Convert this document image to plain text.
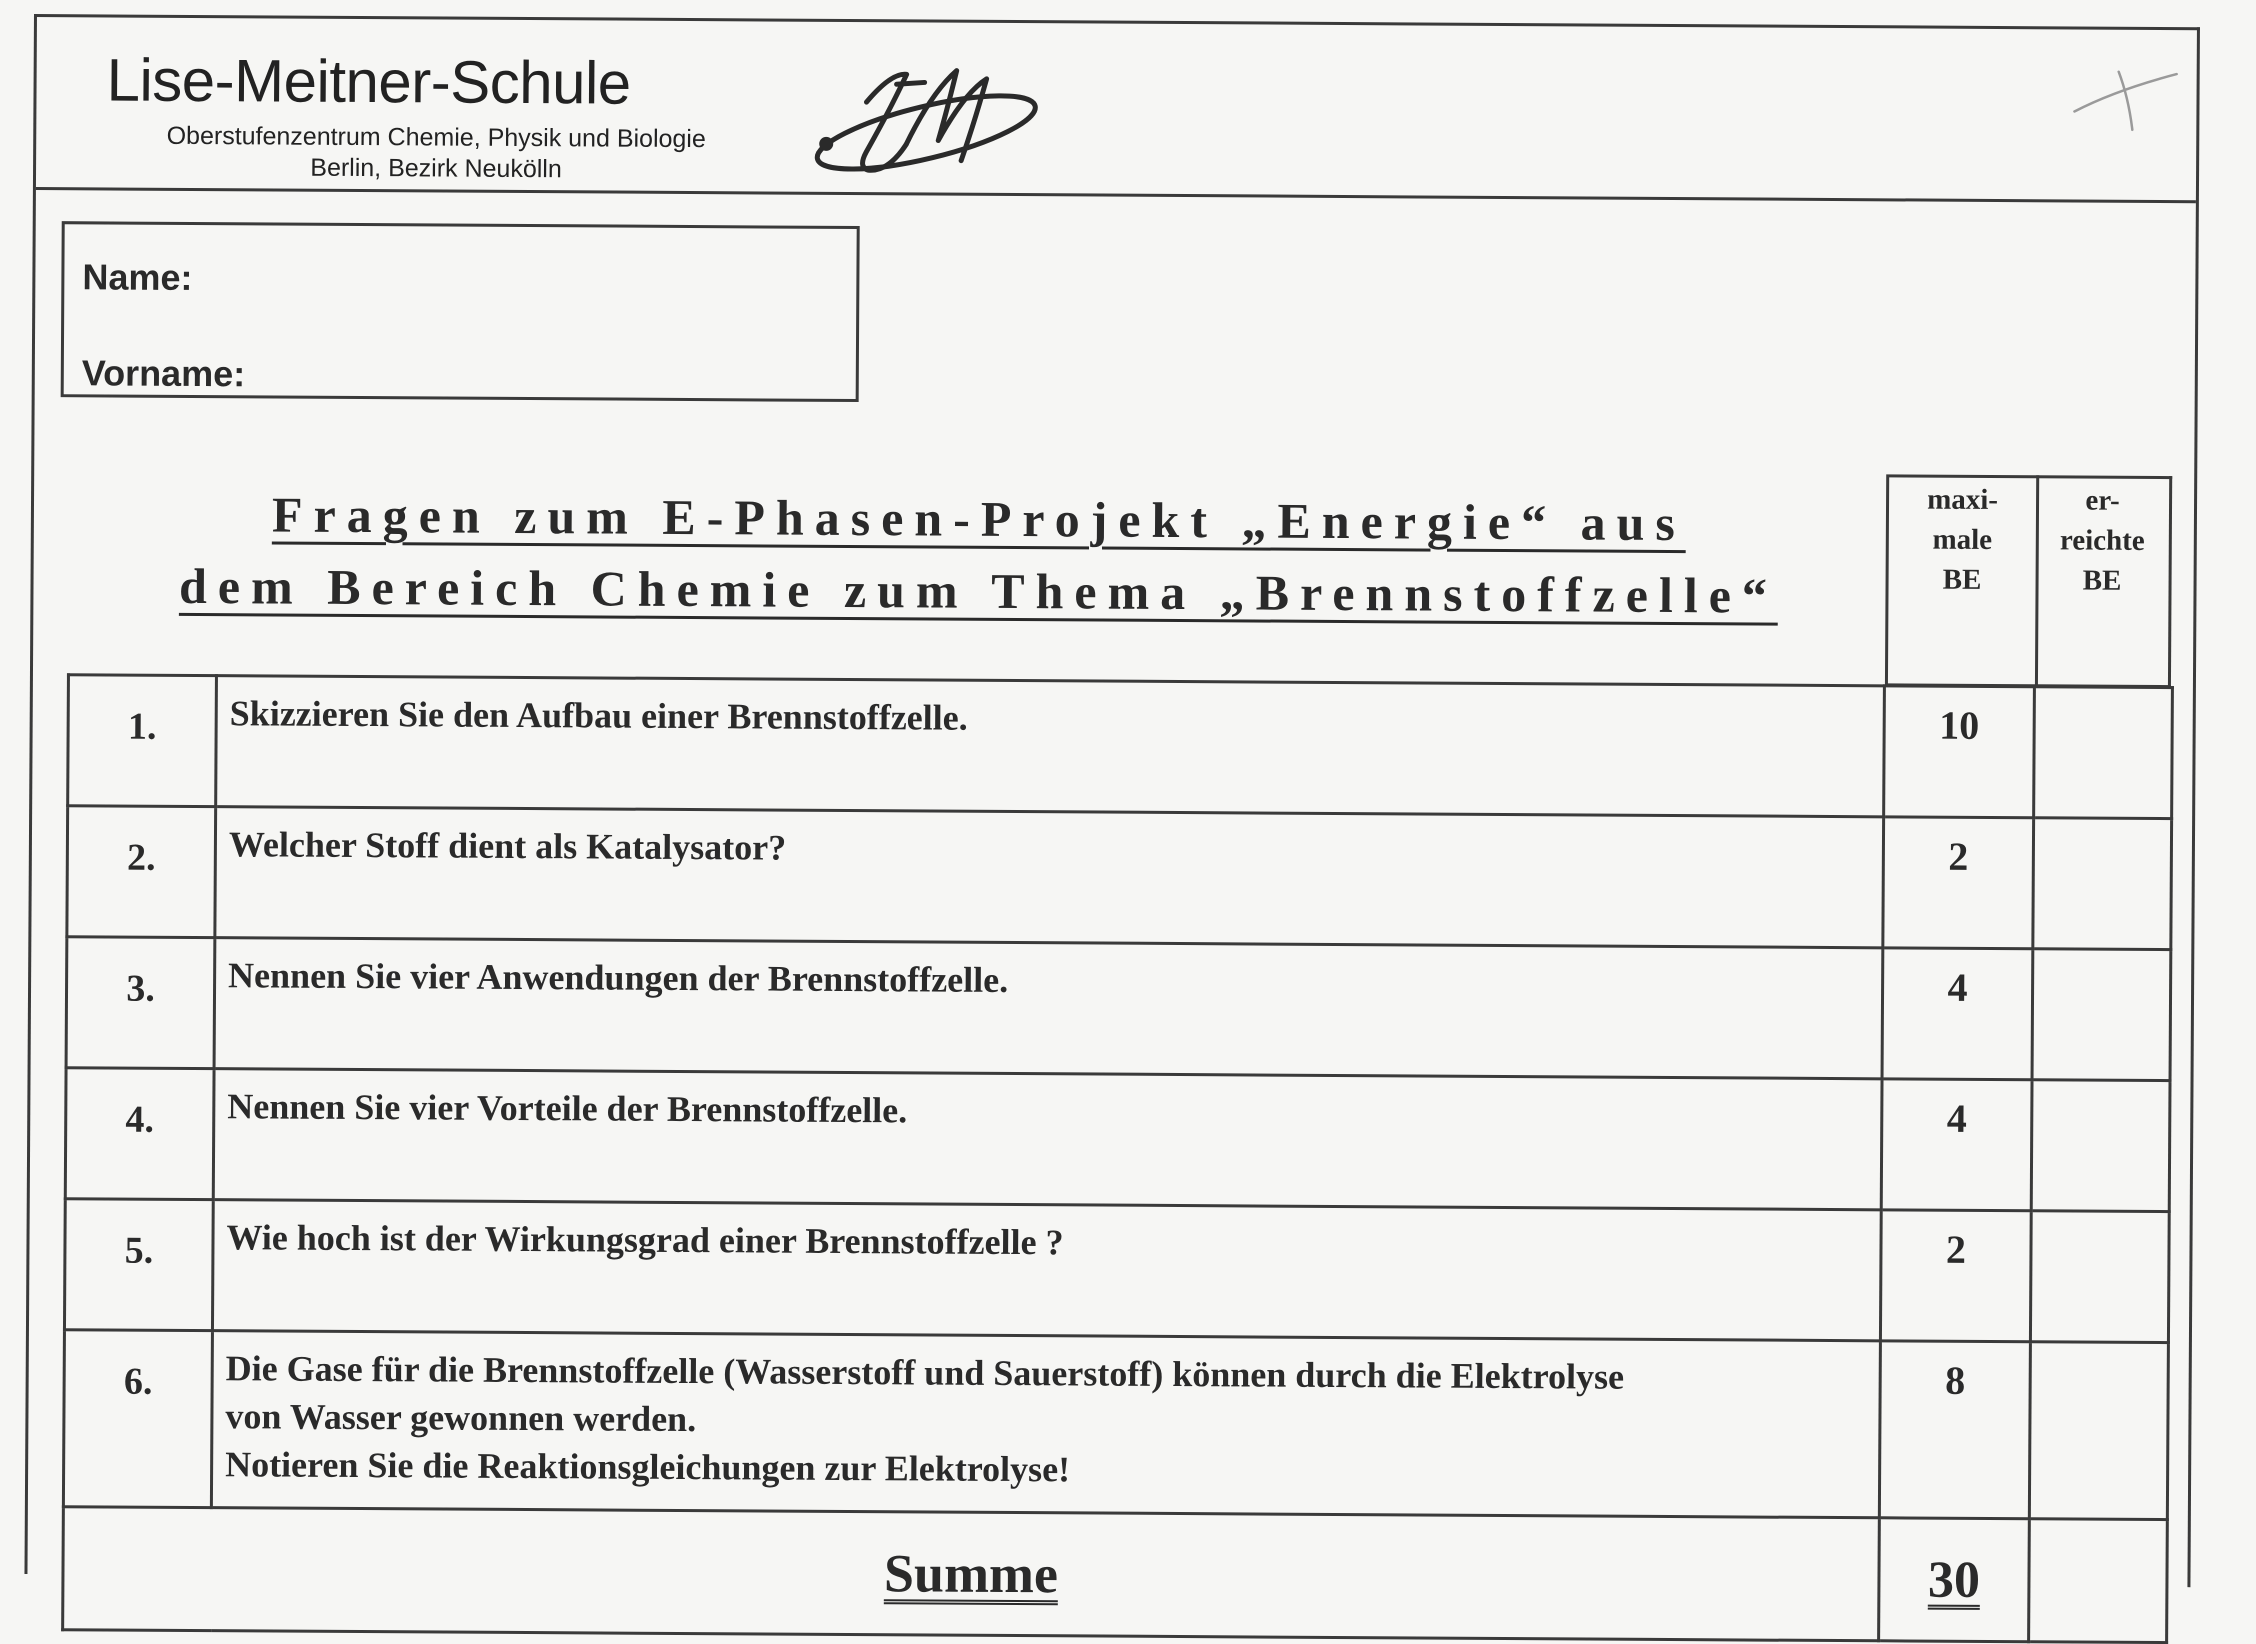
Lise-Meitner-Schule
Oberstufenzentrum Chemie, Physik und Biologie
Berlin, Bezirk Neukölln
Name:
Vorname:
Fragen zum E-Phasen-Projekt „Energie“ aus
dem Bereich Chemie zum Thema „Brennstoffzelle“
maxi-
male
BE
er-
reichte
BE
1.	Skizzieren Sie den Aufbau einer Brennstoffzelle.	10	
2.	Welcher Stoff dient als Katalysator?	2	
3.	Nennen Sie vier Anwendungen der Brennstoffzelle.	4	
4.	Nennen Sie vier Vorteile der Brennstoffzelle.	4	
5.	Wie hoch ist der Wirkungsgrad einer Brennstoffzelle ?	2	
6.	Die Gase für die Brennstoffzelle (Wasserstoff und Sauerstoff) können durch die Elektrolyse
von Wasser gewonnen werden.
Notieren Sie die Reaktionsgleichungen zur Elektrolyse!	8	
Summe		30	
